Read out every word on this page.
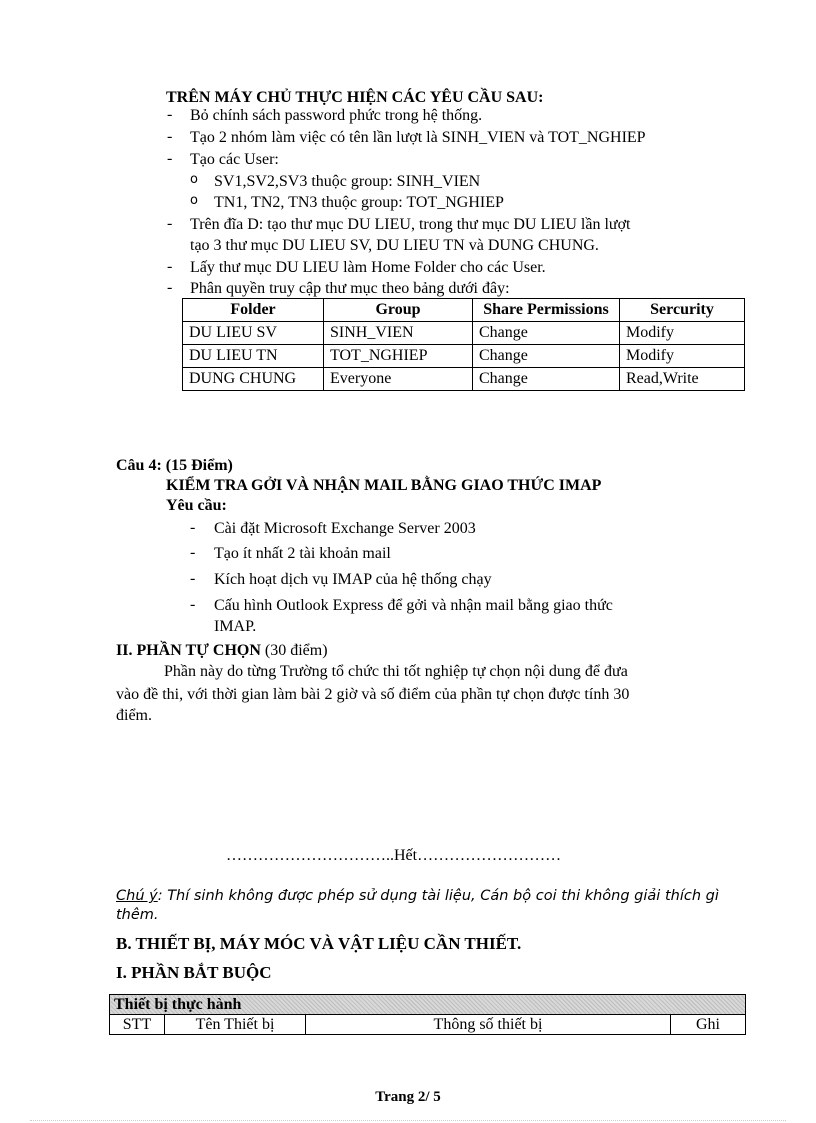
TRÊN MÁY CHỦ THỰC HIỆN CÁC YÊU CẦU SAU:
- Bỏ chính sách password phức trong hệ thống.
- Tạo 2 nhóm làm việc có tên lần lượt là SINH_VIEN và TOT_NGHIEP
- Tạo các User:
o SV1,SV2,SV3 thuộc group: SINH_VIEN
o TN1, TN2, TN3 thuộc group: TOT_NGHIEP
- Trên đĩa D: tạo thư mục DU LIEU, trong thư mục DU LIEU lần lượt
tạo 3 thư mục DU LIEU SV, DU LIEU TN và DUNG CHUNG.
- Lấy thư mục DU LIEU làm Home Folder cho các User.
- Phân quyền truy cập thư mục theo bảng dưới đây:
Folder	Group	Share Permissions	Sercurity
DU LIEU SV	SINH_VIEN	Change	Modify
DU LIEU TN	TOT_NGHIEP	Change	Modify
DUNG CHUNG	Everyone	Change	Read,Write
Câu 4: (15 Điểm)
KIỂM TRA GỞI VÀ NHẬN MAIL BẰNG GIAO THỨC IMAP
Yêu cầu:
- Cài đặt Microsoft Exchange Server 2003
- Tạo ít nhất 2 tài khoản mail
- Kích hoạt dịch vụ IMAP của hệ thống chạy
- Cấu hình Outlook Express để gởi và nhận mail bằng giao thức
IMAP.
II. PHẦN TỰ CHỌN (30 điểm)
Phần này do từng Trường tổ chức thi tốt nghiệp tự chọn nội dung để đưa
vào đề thi, với thời gian làm bài 2 giờ và số điểm của phần tự chọn được tính 30
điểm.
…………………………..Hết………………………
Chú ý: Thí sinh không được phép sử dụng tài liệu, Cán bộ coi thi không giải thích gì
thêm.
B. THIẾT BỊ, MÁY MÓC VÀ VẬT LIỆU CẦN THIẾT.
I. PHẦN BẮT BUỘC
Thiết bị thực hành
STT	Tên Thiết bị	Thông số thiết bị	Ghi
Trang 2/ 5
